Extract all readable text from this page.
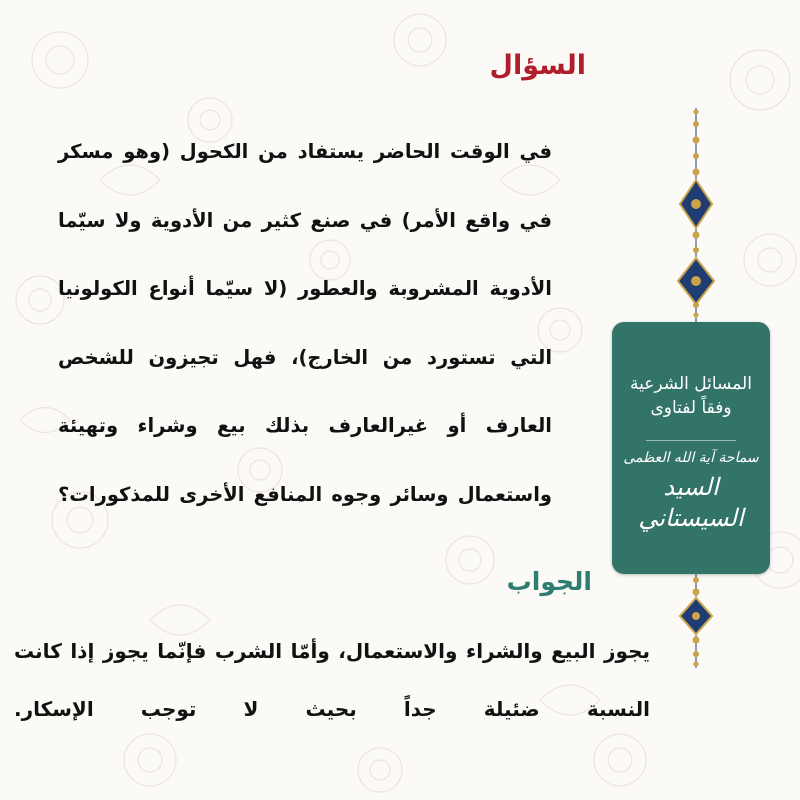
السؤال

في الوقت الحاضر يستفاد من الكحول (وهو مسكر في واقع الأمر) في صنع كثير من الأدوية ولا سيّما الأدوية المشروبة والعطور (لا سيّما أنواع الكولونيا التي تستورد من الخارج)، فهل تجيزون للشخص العارف أو غيرالعارف بذلك بيع وشراء وتهيئة واستعمال وسائر وجوه المنافع الأخرى للمذكورات؟

المسائل الشرعية
وفقاً لفتاوى
سماحة آية الله العظمى
السيد السيستاني
الجواب

يجوز البيع والشراء والاستعمال، وأمّا الشرب فإنّما يجوز إذا كانت النسبة ضئيلة جداً بحيث لا توجب الإسكار.
